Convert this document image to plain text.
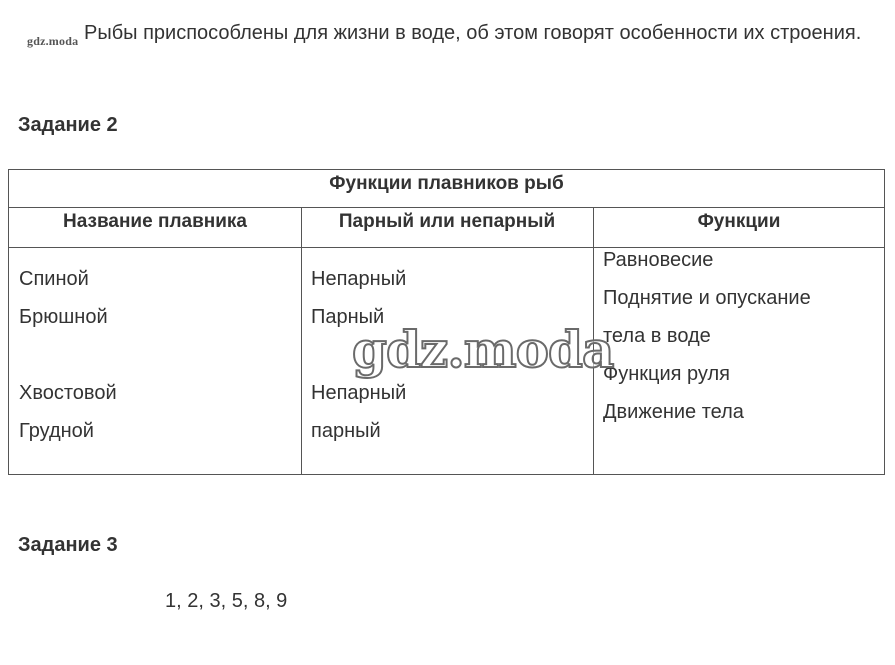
gdz.moda Рыбы приспособлены для жизни в воде, об этом говорят особенности их строения.
Задание 2
Функции плавников рыб
Название плавника	Парный или непарный	Функции
Спиной
Брюшной
Хвостовой
Грудной
Непарный
Парный
Непарный
парный
Равновесие
Поднятие и опускание
тела в воде
Функция руля
Движение тела
gdz.moda
Задание 3
1, 2, 3, 5, 8, 9
